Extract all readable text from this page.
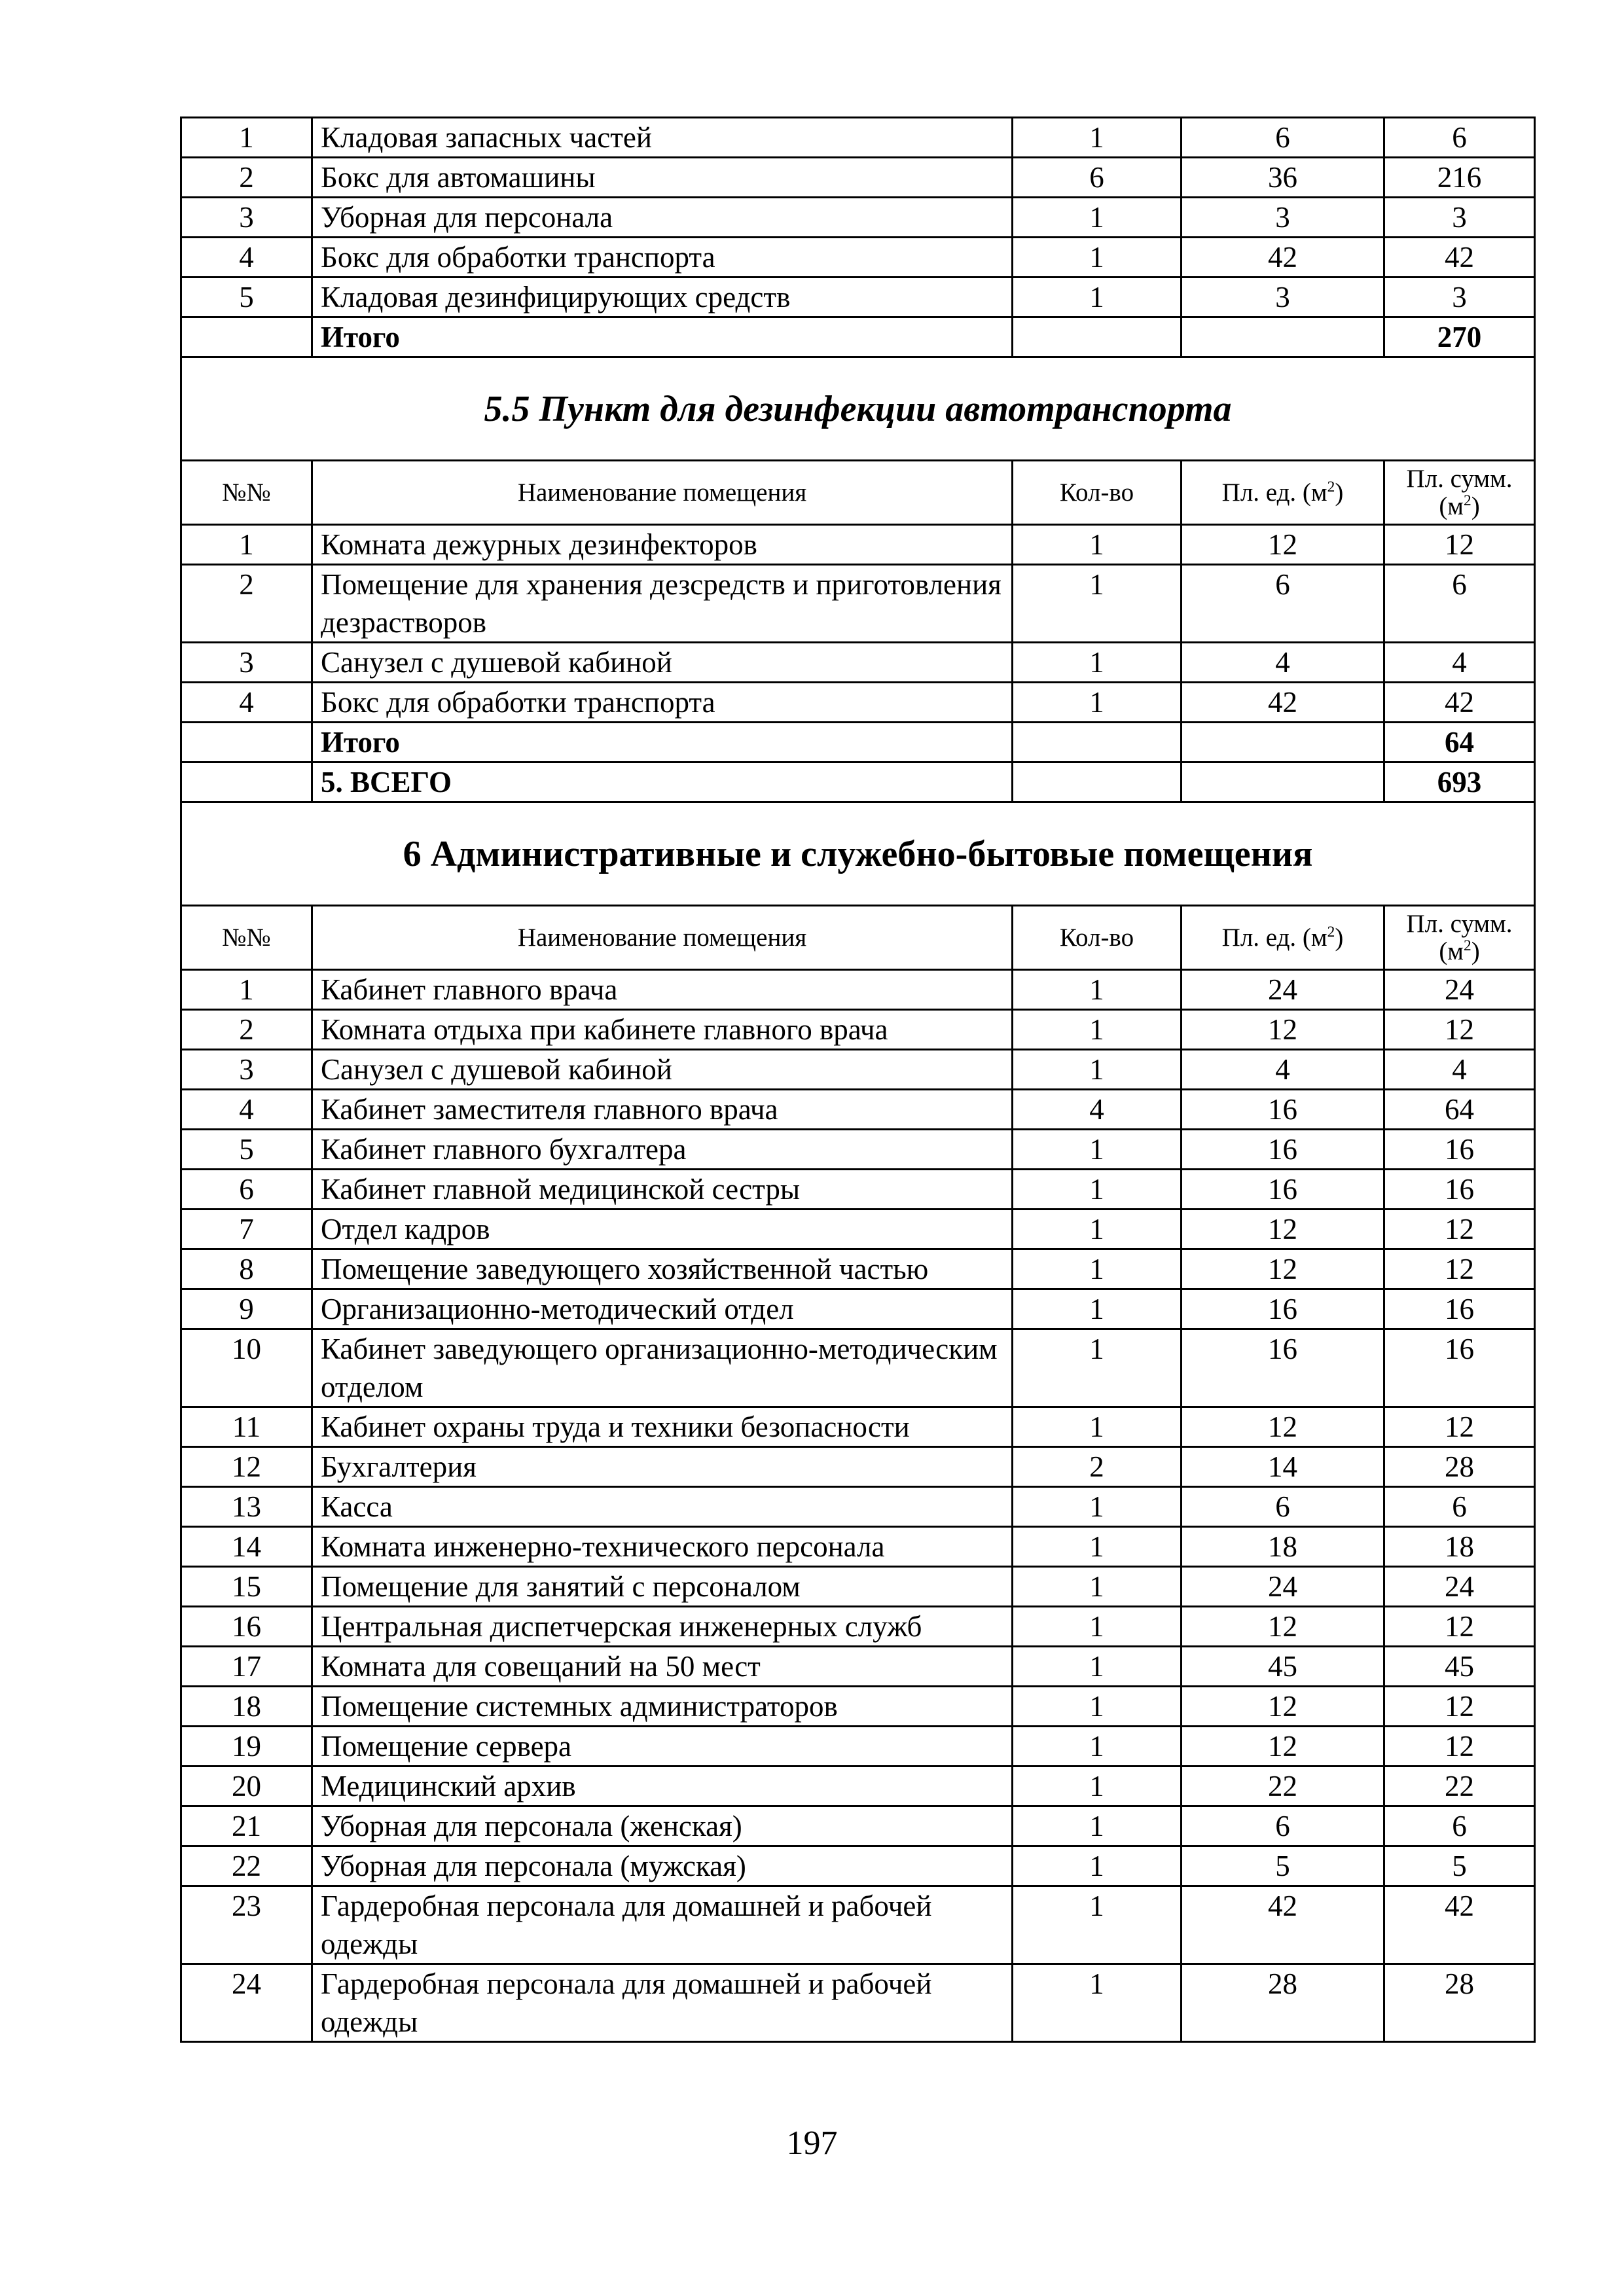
1	Кладовая запасных частей	1	6	6
2	Бокс для автомашины	6	36	216
3	Уборная для персонала	1	3	3
4	Бокс для обработки транспорта	1	42	42
5	Кладовая дезинфицирующих средств	1	3	3
	Итого			270
5.5 Пункт для дезинфекции автотранспорта				
№№	Наименование помещения	Кол-во	Пл. ед. $(м^2)$	Пл. сумм.
$(м^2)$
1	Комната дежурных дезинфекторов	1	12	12
2	Помещение для хранения дезсредств и приготовления дезрастворов	1	6	6
3	Санузел с душевой кабиной	1	4	4
4	Бокс для обработки транспорта	1	42	42
	Итого			64
	5. ВСЕГО			693
6 Административные и служебно-бытовые помещения				
№№	Наименование помещения	Кол-во	Пл. ед. $(м^2)$	Пл. сумм.
$(м^2)$
1	Кабинет главного врача	1	24	24
2	Комната отдыха при кабинете главного врача	1	12	12
3	Санузел с душевой кабиной	1	4	4
4	Кабинет заместителя главного врача	4	16	64
5	Кабинет главного бухгалтера	1	16	16
6	Кабинет главной медицинской сестры	1	16	16
7	Отдел кадров	1	12	12
8	Помещение заведующего хозяйственной частью	1	12	12
9	Организационно-методический отдел	1	16	16
10	Кабинет заведующего организационно-методическим отделом	1	16	16
11	Кабинет охраны труда и техники безопасности	1	12	12
12	Бухгалтерия	2	14	28
13	Касса	1	6	6
14	Комната инженерно-технического персонала	1	18	18
15	Помещение для занятий с персоналом	1	24	24
16	Центральная диспетчерская инженерных служб	1	12	12
17	Комната для совещаний на 50 мест	1	45	45
18	Помещение системных администраторов	1	12	12
19	Помещение сервера	1	12	12
20	Медицинский архив	1	22	22
21	Уборная для персонала (женская)	1	6	6
22	Уборная для персонала (мужская)	1	5	5
23	Гардеробная персонала для домашней и рабочей одежды	1	42	42
24	Гардеробная персонала для домашней и рабочей одежды	1	28	28
197
